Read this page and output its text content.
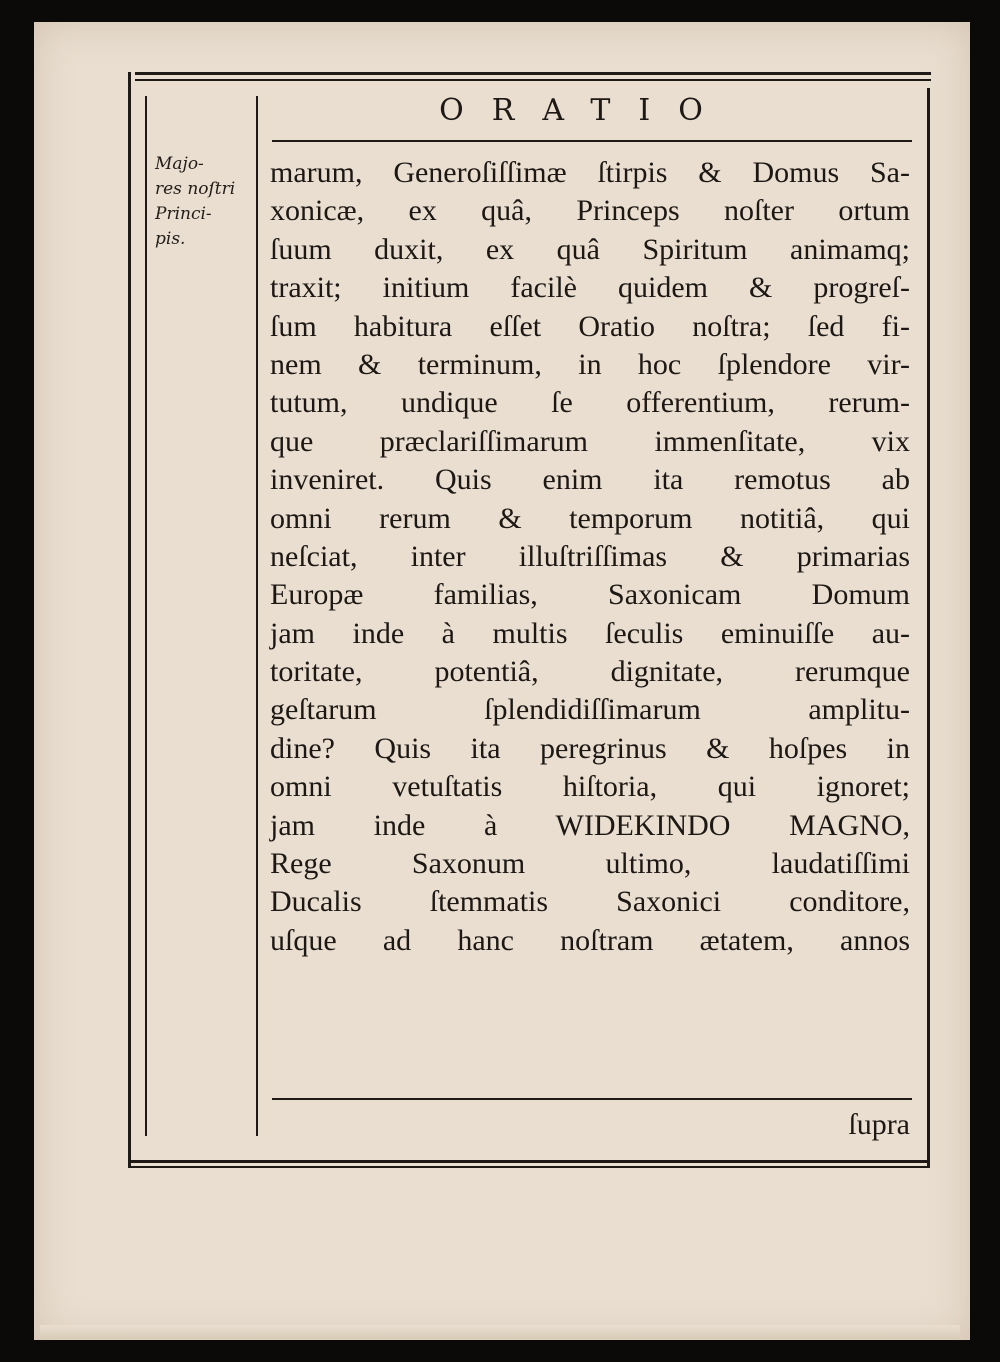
ORATIO
Majo-
res noſtri
Princi-
pis.
marum, Generoſiſſimæ ſtirpis & Domus Sa-
xonicæ, ex quâ, Princeps noſter ortum
ſuum duxit, ex quâ Spiritum animamq;
traxit; initium facilè quidem & progreſ-
ſum habitura eſſet Oratio noſtra; ſed fi-
nem & terminum, in hoc ſplendore vir-
tutum, undique ſe offerentium, rerum-
que præclariſſimarum immenſitate, vix
inveniret. Quis enim ita remotus ab
omni rerum & temporum notitiâ, qui
neſciat, inter illuſtriſſimas & primarias
Europæ familias, Saxonicam Domum
jam inde à multis ſeculis eminuiſſe au-
toritate, potentiâ, dignitate, rerumque
geſtarum ſplendidiſſimarum amplitu-
dine? Quis ita peregrinus & hoſpes in
omni vetuſtatis hiſtoria, qui ignoret;
jam inde à WIDEKINDO MAGNO,
Rege Saxonum ultimo, laudatiſſimi
Ducalis ſtemmatis Saxonici conditore,
uſque ad hanc noſtram ætatem, annos
ſupra
